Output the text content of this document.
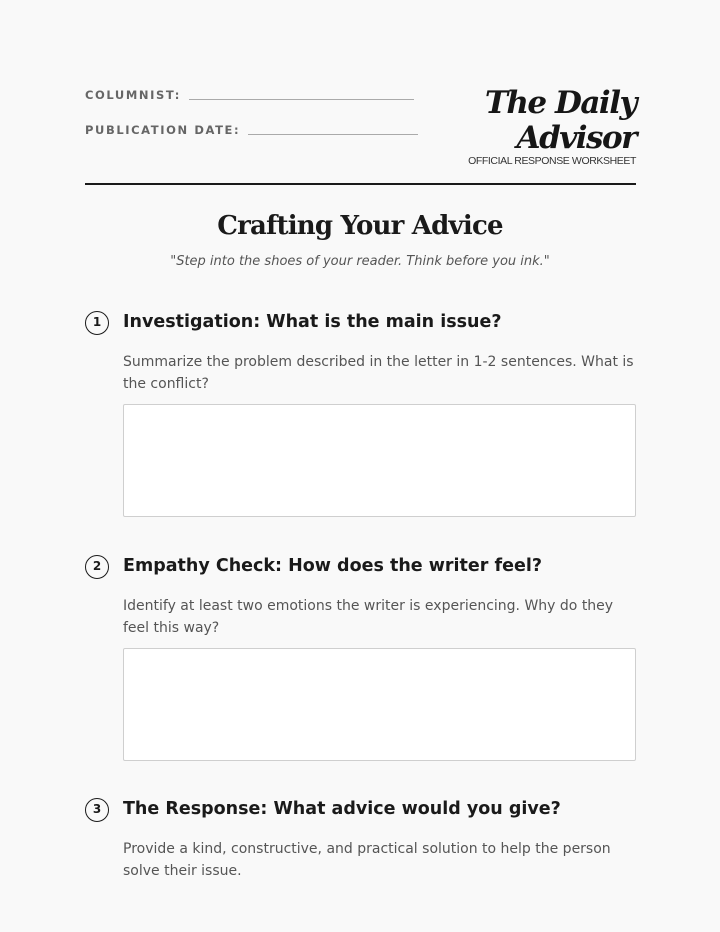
COLUMNIST:
PUBLICATION DATE:
The Daily
Advisor
OFFICIAL RESPONSE WORKSHEET
Crafting Your Advice
"Step into the shoes of your reader. Think before you ink."
1	Investigation: What is the main issue?
Summarize the problem described in the letter in 1-2 sentences. What is the conflict?
2	Empathy Check: How does the writer feel?
Identify at least two emotions the writer is experiencing. Why do they feel this way?
3	The Response: What advice would you give?
Provide a kind, constructive, and practical solution to help the person solve their issue.
